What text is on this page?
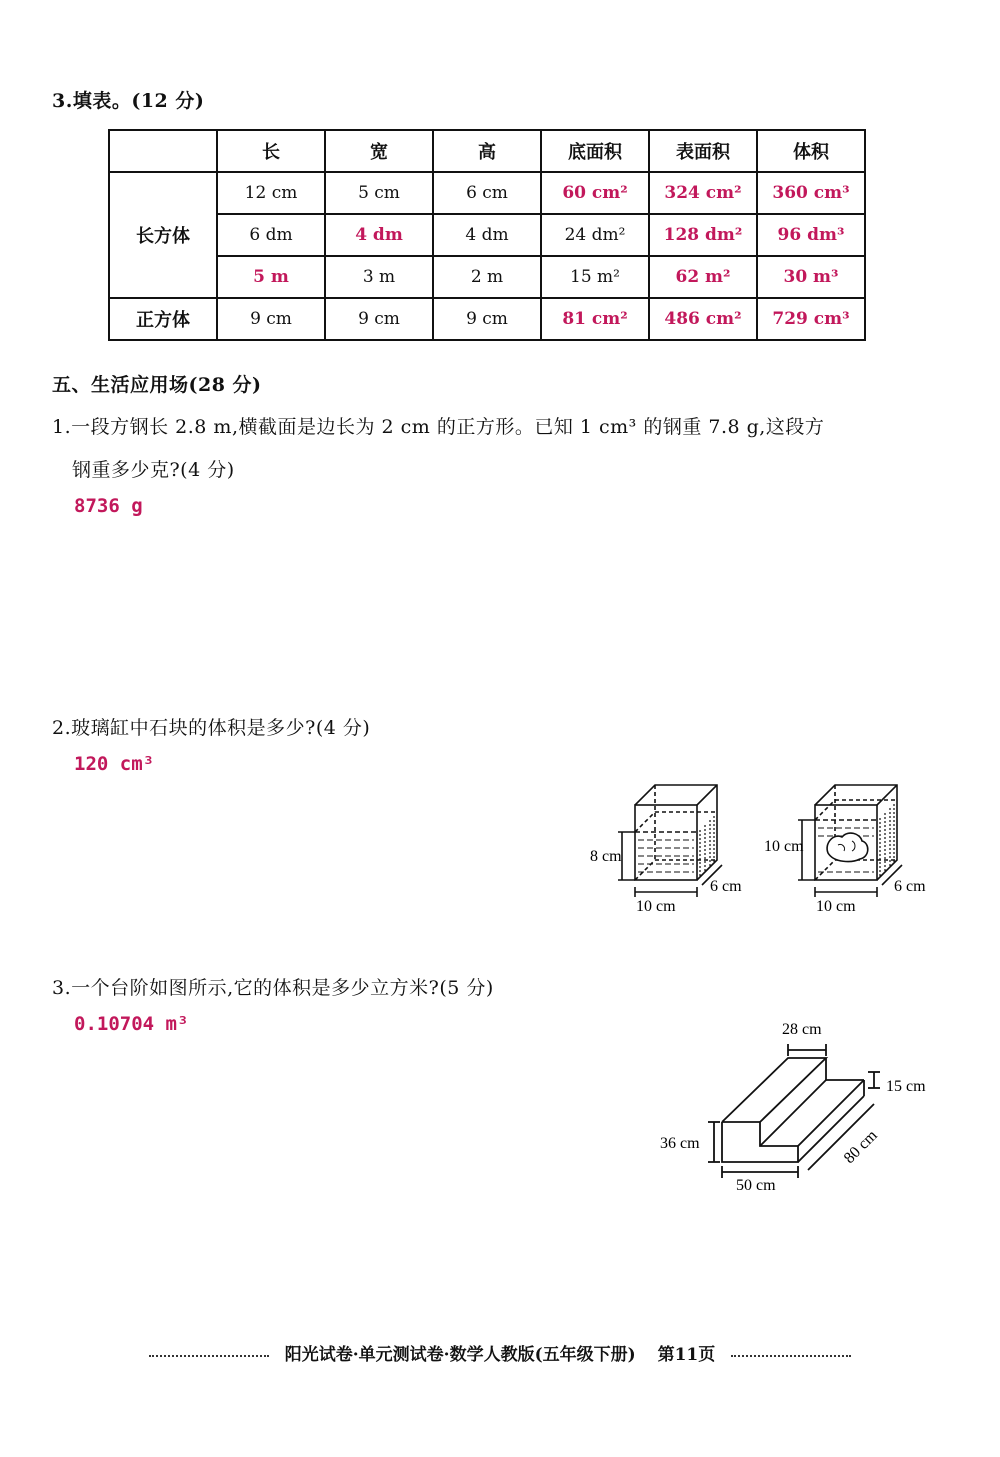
3.填表。(12 分)
	长	宽	高	底面积	表面积	体积
长方体	12 cm	5 cm	6 cm	60 cm²	324 cm²	360 cm³
	6 dm	4 dm	4 dm	24 dm²	128 dm²	96 dm³
	5 m	3 m	2 m	15 m²	62 m²	30 m³
正方体	9 cm	9 cm	9 cm	81 cm²	486 cm²	729 cm³
五、生活应用场(28 分)
1.一段方钢长 2.8 m,横截面是边长为 2 cm 的正方形。已知 1 cm³ 的钢重 7.8 g,这段方
钢重多少克?(4 分)
8736 g
2.玻璃缸中石块的体积是多少?(4 分)
120 cm³
8 cm
10 cm
6 cm
10 cm
10 cm
6 cm
3.一个台阶如图所示,它的体积是多少立方米?(5 分)
0.10704 m³	28 cm
15 cm
36 cm
50 cm
80 cm
阳光试卷·单元测试卷·数学人教版(五年级下册) 第11页
